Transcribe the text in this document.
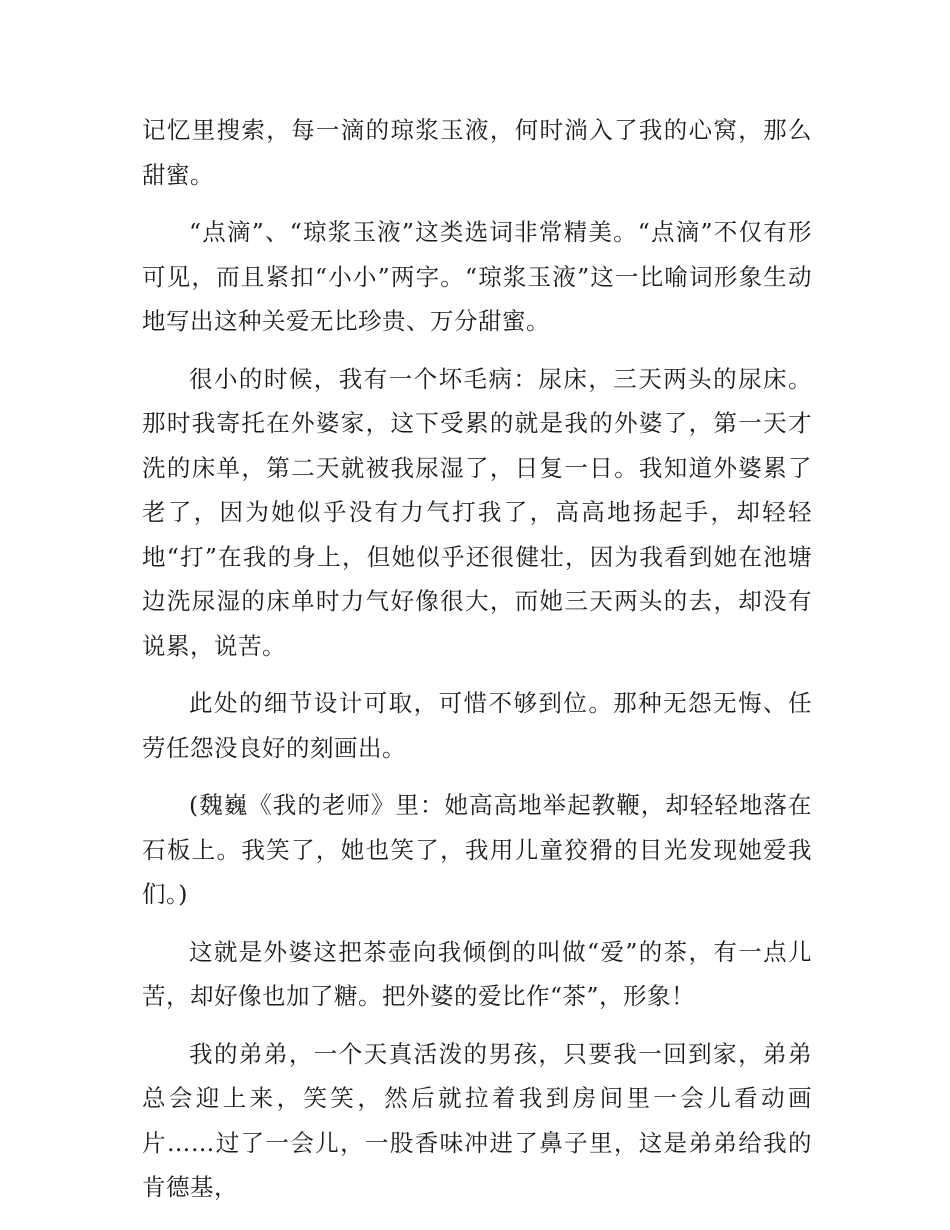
记忆里搜索，每一滴的琼浆玉液，何时淌入了我的心窝，那么甜蜜。

“点滴”、“琼浆玉液”这类选词非常精美。“点滴”不仅有形可见，而且紧扣“小小”两字。“琼浆玉液”这一比喻词形象生动地写出这种关爱无比珍贵、万分甜蜜。

很小的时候，我有一个坏毛病：尿床，三天两头的尿床。那时我寄托在外婆家，这下受累的就是我的外婆了，第一天才洗的床单，第二天就被我尿湿了，日复一日。我知道外婆累了老了，因为她似乎没有力气打我了，高高地扬起手，却轻轻地“打”在我的身上，但她似乎还很健壮，因为我看到她在池塘边洗尿湿的床单时力气好像很大，而她三天两头的去，却没有说累，说苦。

此处的细节设计可取，可惜不够到位。那种无怨无悔、任劳任怨没良好的刻画出。

(魏巍《我的老师》里：她高高地举起教鞭，却轻轻地落在石板上。我笑了，她也笑了，我用儿童狡猾的目光发现她爱我们。)

这就是外婆这把茶壶向我倾倒的叫做“爱”的茶，有一点儿苦，却好像也加了糖。把外婆的爱比作“茶”，形象！

我的弟弟，一个天真活泼的男孩，只要我一回到家，弟弟总会迎上来，笑笑，然后就拉着我到房间里一会儿看动画片……过了一会儿，一股香味冲进了鼻子里，这是弟弟给我的肯德基，
